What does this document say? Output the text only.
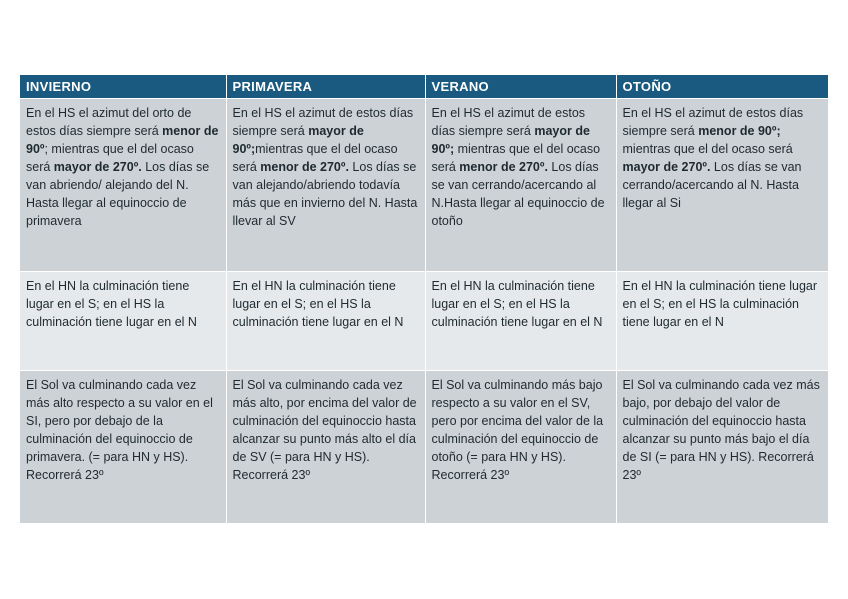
INVIERNO	PRIMAVERA	VERANO	OTOÑO
En el HS el azimut del orto de estos días siempre será menor de 90º; mientras que el del ocaso será mayor de 270º. Los días se van abriendo/ alejando del N. Hasta llegar al equinoccio de primavera	En el HS el azimut de estos días siempre será mayor de 90º;mientras que el del ocaso será menor de 270º. Los días se van alejando/abriendo todavía más que en invierno del N. Hasta llevar al SV	En el HS el azimut de estos días siempre será mayor de 90º; mientras que el del ocaso será menor de 270º. Los días se van cerrando/acercando al N.Hasta llegar al equinoccio de otoño	En el HS el azimut de estos días siempre será menor de 90º; mientras que el del ocaso será mayor de 270º. Los días se van cerrando/acercando al N. Hasta llegar al Si
En el HN la culminación tiene lugar en el S; en el HS la culminación tiene lugar en el N	En el HN la culminación tiene lugar en el S; en el HS la culminación tiene lugar en el N	En el HN la culminación tiene lugar en el S; en el HS la culminación tiene lugar en el N	En el HN la culminación tiene lugar en el S; en el HS la culminación tiene lugar en el N
El Sol va culminando cada vez más alto respecto a su valor en el SI, pero por debajo de la culminación del equinoccio de primavera. (= para HN y HS). Recorrerá 23º	El Sol va culminando cada vez más alto, por encima del valor de culminación del equinoccio hasta alcanzar su punto más alto el día de SV (= para HN y HS). Recorrerá 23º	El Sol va culminando más bajo respecto a su valor en el SV, pero por encima del valor de la culminación del equinoccio de otoño (= para HN y HS). Recorrerá 23º	El Sol va culminando cada vez más bajo, por debajo del valor de culminación del equinoccio hasta alcanzar su punto más bajo el día de SI (= para HN y HS). Recorrerá 23º
